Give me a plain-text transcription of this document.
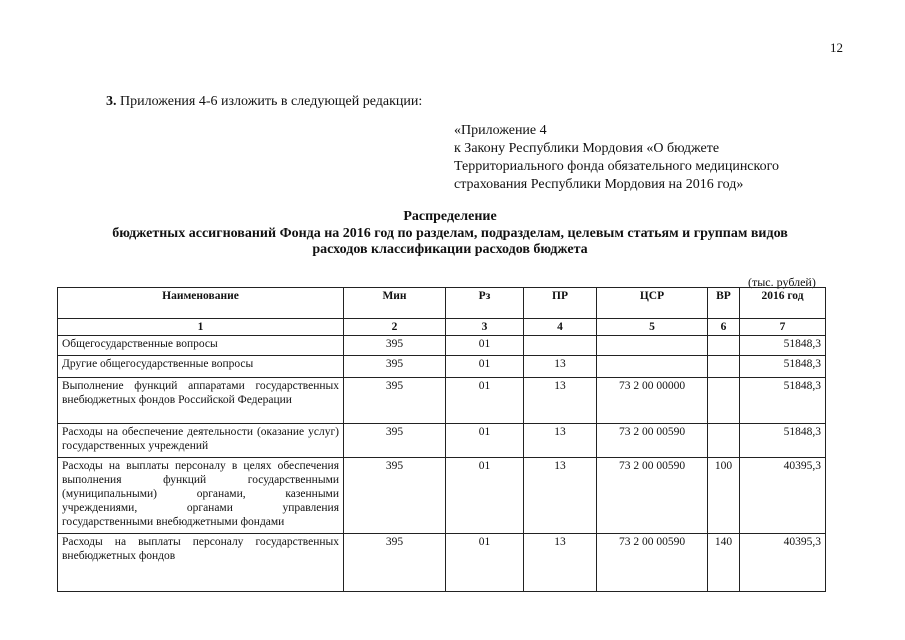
12
3. Приложения 4-6 изложить в следующей редакции:
«Приложение 4
к Закону Республики Мордовия «О бюджете
Территориального фонда обязательного медицинского
страхования Республики Мордовия на 2016 год»
Распределение
бюджетных ассигнований Фонда на 2016 год по разделам, подразделам, целевым статьям и группам видов
расходов классификации расходов бюджета
(тыс. рублей)
Наименование	Мин	Рз	ПР	ЦСР	ВР	2016 год
1	2	3	4	5	6	7
Общегосударственные вопросы	395	01				51848,3
Другие общегосударственные вопросы	395	01	13			51848,3
Выполнение функций аппаратами государственных внебюджетных фондов Российской Федерации	395	01	13	73 2 00 00000		51848,3
Расходы на обеспечение деятельности (оказание услуг) государственных учреждений	395	01	13	73 2 00 00590		51848,3
Расходы на выплаты персоналу в целях обеспечения выполнения функций государственными (муниципальными) органами, казенными учреждениями, органами управления государственными внебюджетными фондами	395	01	13	73 2 00 00590	100	40395,3
Расходы на выплаты персоналу государственных внебюджетных фондов	395	01	13	73 2 00 00590	140	40395,3
